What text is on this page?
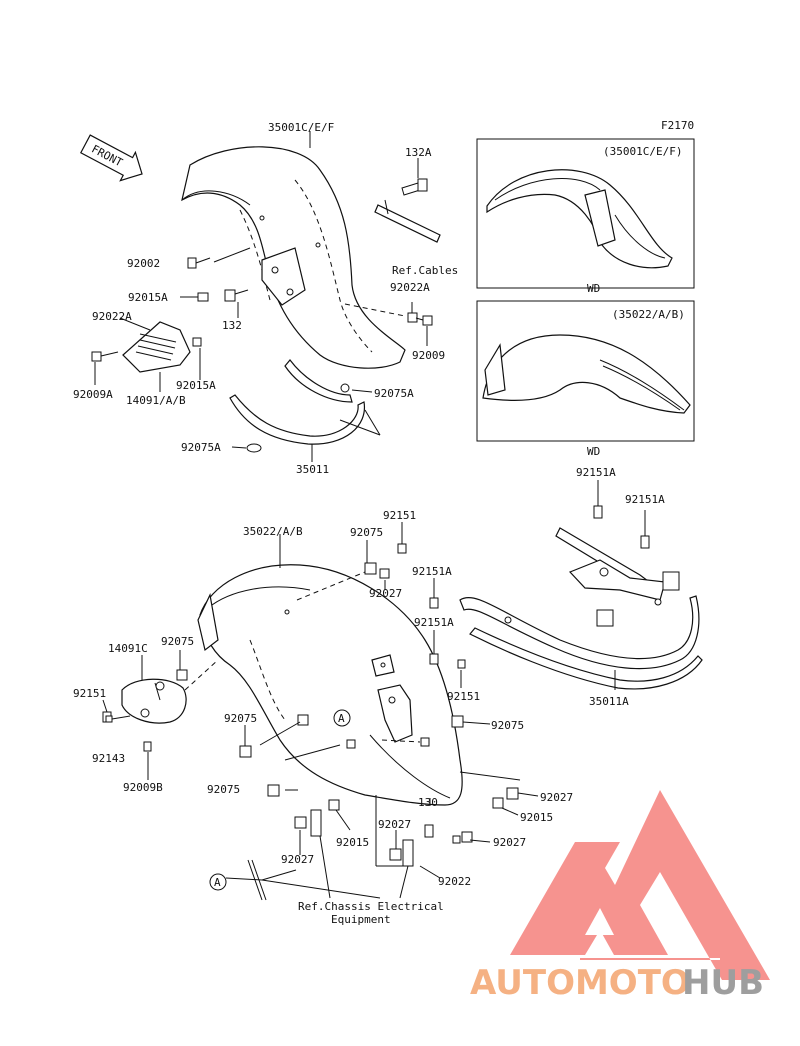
FRONT
F2170
(35001C/E/F)
WD
(35022/A/B)
WD
A
A
35001C/E/F
132A
92002
Ref.Cables
92022A
92015A
92022A
132
92009
92015A
92075A
92009A 14091/A/B
92075A
35011	92151A
92151A
92151
35022/A/B	92075
92151A
92027
92151A
14091C
92075
92151	35011A
92151
92143
92075
92075
92009B	92075
92027
130
92015
92015	92027
92027
92027
92022
Ref.Chassis Electrical
Equipment
AUTOMOTO
HUB
